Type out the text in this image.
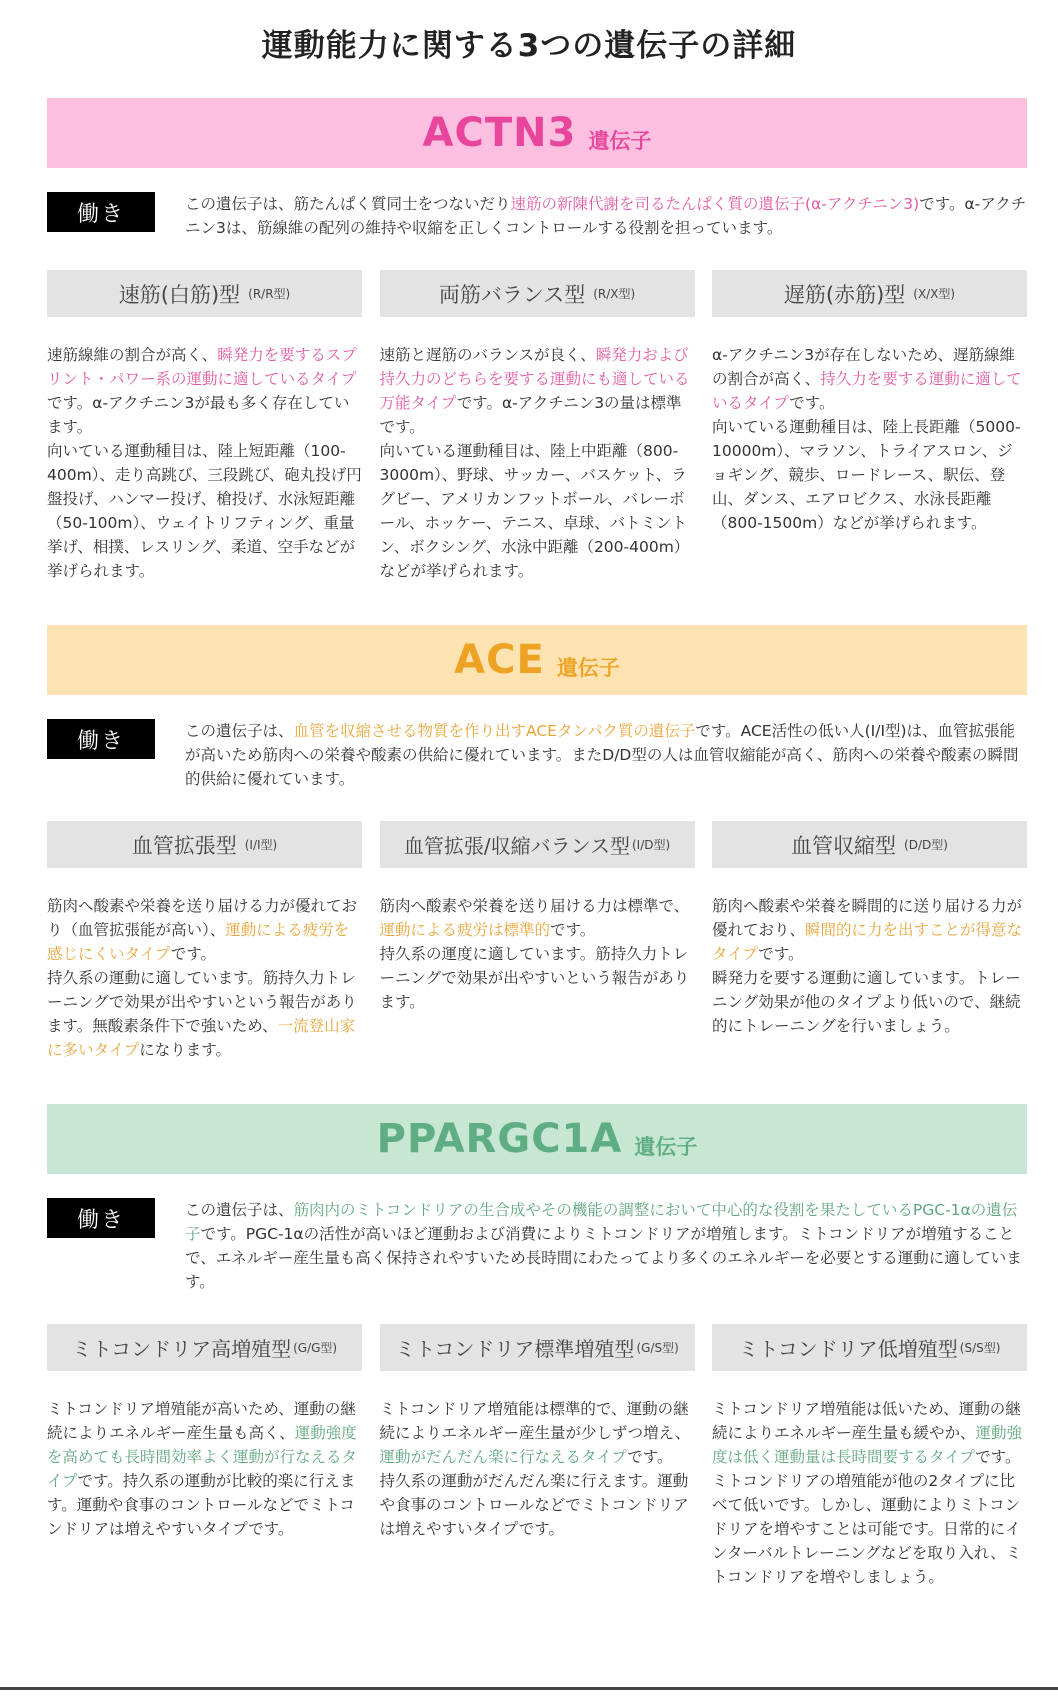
運動能力に関する3つの遺伝子の詳細
ACTN3 遺伝子
働き	この遺伝子は、筋たんぱく質同士をつないだり速筋の新陳代謝を司るたんぱく質の遺伝子(α-アクチニン3)です。α-アクチニン3は、筋線維の配列の維持や収縮を正しくコントロールする役割を担っています。
速筋(白筋)型 (R/R型)
速筋線維の割合が高く、瞬発力を要するスプリント・パワー系の運動に適しているタイプです。α-アクチニン3が最も多く存在しています。
向いている運動種目は、陸上短距離（100-400m）、走り高跳び、三段跳び、砲丸投げ円盤投げ、ハンマー投げ、槍投げ、水泳短距離（50-100m）、ウェイトリフティング、重量挙げ、相撲、レスリング、柔道、空手などが挙げられます。
両筋バランス型 (R/X型)
速筋と遅筋のバランスが良く、瞬発力および持久力のどちらを要する運動にも適している万能タイプです。α-アクチニン3の量は標準です。
向いている運動種目は、陸上中距離（800-3000m）、野球、サッカー、バスケット、ラグビー、アメリカンフットボール、バレーボール、ホッケー、テニス、卓球、バトミントン、ボクシング、水泳中距離（200-400m）などが挙げられます。
遅筋(赤筋)型 (X/X型)
α-アクチニン3が存在しないため、遅筋線維の割合が高く、持久力を要する運動に適しているタイプです。
向いている運動種目は、陸上長距離（5000-10000m）、マラソン、トライアスロン、ジョギング、競歩、ロードレース、駅伝、登山、ダンス、エアロビクス、水泳長距離（800-1500m）などが挙げられます。
ACE 遺伝子
働き	この遺伝子は、血管を収縮させる物質を作り出すACEタンパク質の遺伝子です。ACE活性の低い人(I/I型)は、血管拡張能が高いため筋肉への栄養や酸素の供給に優れています。またD/D型の人は血管収縮能が高く、筋肉への栄養や酸素の瞬間的供給に優れています。
血管拡張型 (I/I型)
筋肉へ酸素や栄養を送り届ける力が優れており（血管拡張能が高い）、運動による疲労を感じにくいタイプです。
持久系の運動に適しています。筋持久力トレーニングで効果が出やすいという報告があります。無酸素条件下で強いため、一流登山家に多いタイプになります。
血管拡張/収縮バランス型 (I/D型)
筋肉へ酸素や栄養を送り届ける力は標準で、運動による疲労は標準的です。
持久系の運度に適しています。筋持久力トレーニングで効果が出やすいという報告があります。
血管収縮型 (D/D型)
筋肉へ酸素や栄養を瞬間的に送り届ける力が優れており、瞬間的に力を出すことが得意なタイプです。
瞬発力を要する運動に適しています。トレーニング効果が他のタイプより低いので、継続的にトレーニングを行いましょう。
PPARGC1A 遺伝子
働き	この遺伝子は、筋肉内のミトコンドリアの生合成やその機能の調整において中心的な役割を果たしているPGC-1αの遺伝子です。PGC-1αの活性が高いほど運動および消費によりミトコンドリアが増殖します。ミトコンドリアが増殖することで、エネルギー産生量も高く保持されやすいため長時間にわたってより多くのエネルギーを必要とする運動に適しています。
ミトコンドリア高増殖型 (G/G型)
ミトコンドリア増殖能が高いため、運動の継続によりエネルギー産生量も高く、運動強度を高めても長時間効率よく運動が行なえるタイプです。持久系の運動が比較的楽に行えます。運動や食事のコントロールなどでミトコンドリアは増えやすいタイプです。
ミトコンドリア標準増殖型 (G/S型)
ミトコンドリア増殖能は標準的で、運動の継続によりエネルギー産生量が少しずつ増え、運動がだんだん楽に行なえるタイプです。
持久系の運動がだんだん楽に行えます。運動や食事のコントロールなどでミトコンドリアは増えやすいタイプです。
ミトコンドリア低増殖型 (S/S型)
ミトコンドリア増殖能は低いため、運動の継続によりエネルギー産生量も緩やか、運動強度は低く運動量は長時間要するタイプです。
ミトコンドリアの増殖能が他の2タイプに比べて低いです。しかし、運動によりミトコンドリアを増やすことは可能です。日常的にインターバルトレーニングなどを取り入れ、ミトコンドリアを増やしましょう。
